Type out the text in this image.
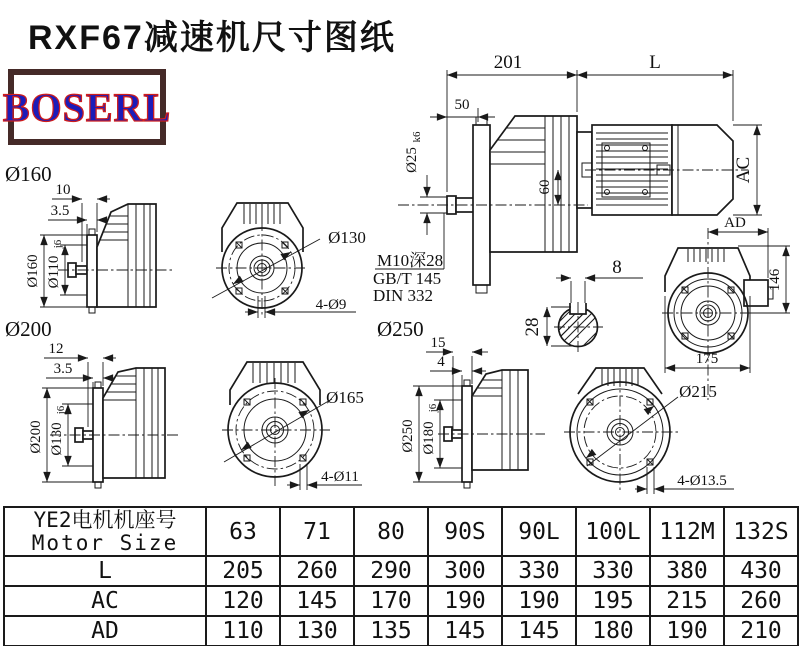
RXF67减速机尺寸图纸
BOSERL
Ø160
Ø200	Ø250
201	L
50
Ø25
k6
60
AC
M10深28
GB/T 145
DIN 332
8
28
10
3.5
Ø160 Ø110
j6	Ø130
4-Ø9
AD
146
175
12
3.5
Ø200 Ø130
j6
Ø165
4-Ø11
15
4
Ø250 Ø180
j6
Ø215
4-Ø13.5
YE2电机机座号
Motor Size	63	71	80	90S	90L	100L	112M	132S
L	205	260	290	300	330	330	380	430
AC	120	145	170	190	190	195	215	260
AD	110	130	135	145	145	180	190	210
